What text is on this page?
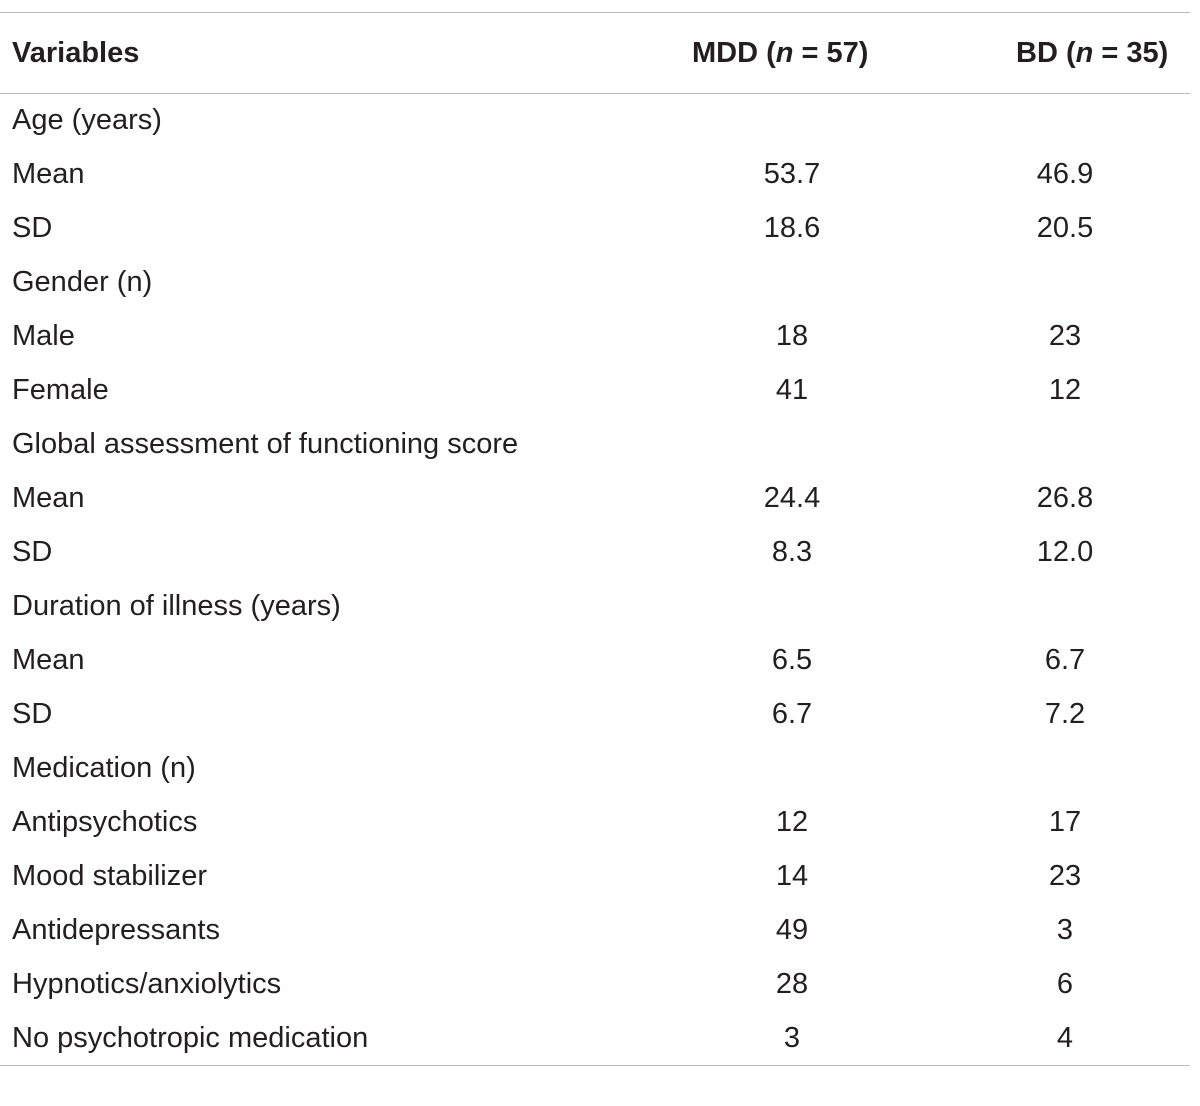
Variables	MDD (n = 57)	BD (n = 35)
Age (years)		
Mean	53.7	46.9
SD	18.6	20.5
Gender (n)		
Male	18	23
Female	41	12
Global assessment of functioning score		
Mean	24.4	26.8
SD	8.3	12.0
Duration of illness (years)		
Mean	6.5	6.7
SD	6.7	7.2
Medication (n)		
Antipsychotics	12	17
Mood stabilizer	14	23
Antidepressants	49	3
Hypnotics/anxiolytics	28	6
No psychotropic medication	3	4
